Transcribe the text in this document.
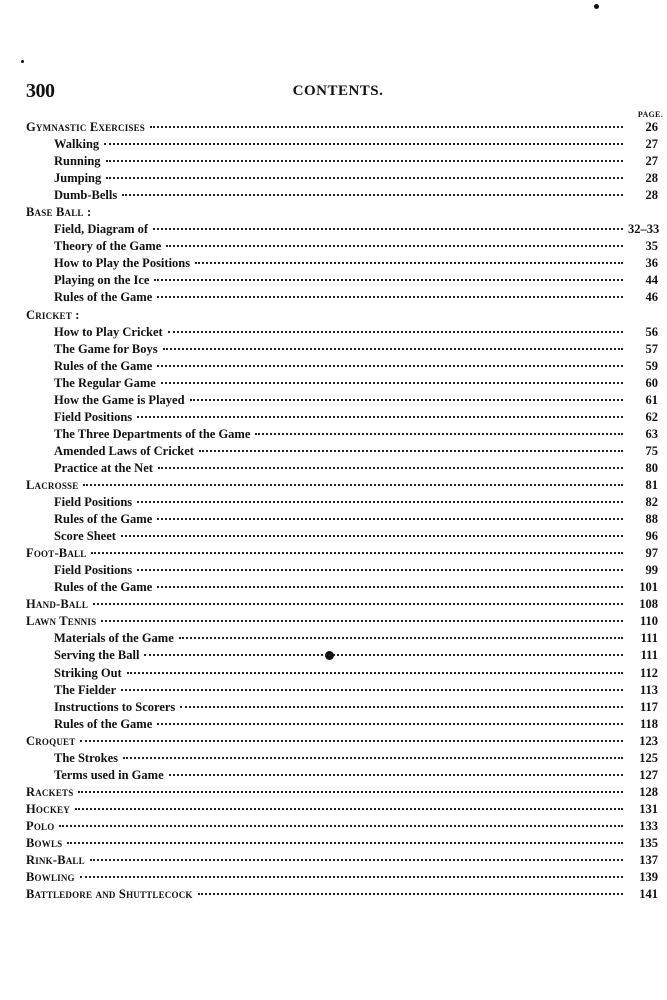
300	CONTENTS.
PAGE.
Gymnastic Exercises	26
Walking	27
Running	27
Jumping	28
Dumb-Bells	28
Base Ball :
Field, Diagram of	32–33
Theory of the Game	35
How to Play the Positions	36
Playing on the Ice	44
Rules of the Game	46
Cricket :
How to Play Cricket	56
The Game for Boys	57
Rules of the Game	59
The Regular Game	60
How the Game is Played	61
Field Positions	62
The Three Departments of the Game	63
Amended Laws of Cricket	75
Practice at the Net	80
Lacrosse	81
Field Positions	82
Rules of the Game	88
Score Sheet	96
Foot-Ball	97
Field Positions	99
Rules of the Game	101
Hand-Ball	108
Lawn Tennis	110
Materials of the Game	111
Serving the Ball	111
Striking Out	112
The Fielder	113
Instructions to Scorers	117
Rules of the Game	118
Croquet	123
The Strokes	125
Terms used in Game	127
Rackets	128
Hockey	131
Polo	133
Bowls	135
Rink-Ball	137
Bowling	139
Battledore and Shuttlecock	141
